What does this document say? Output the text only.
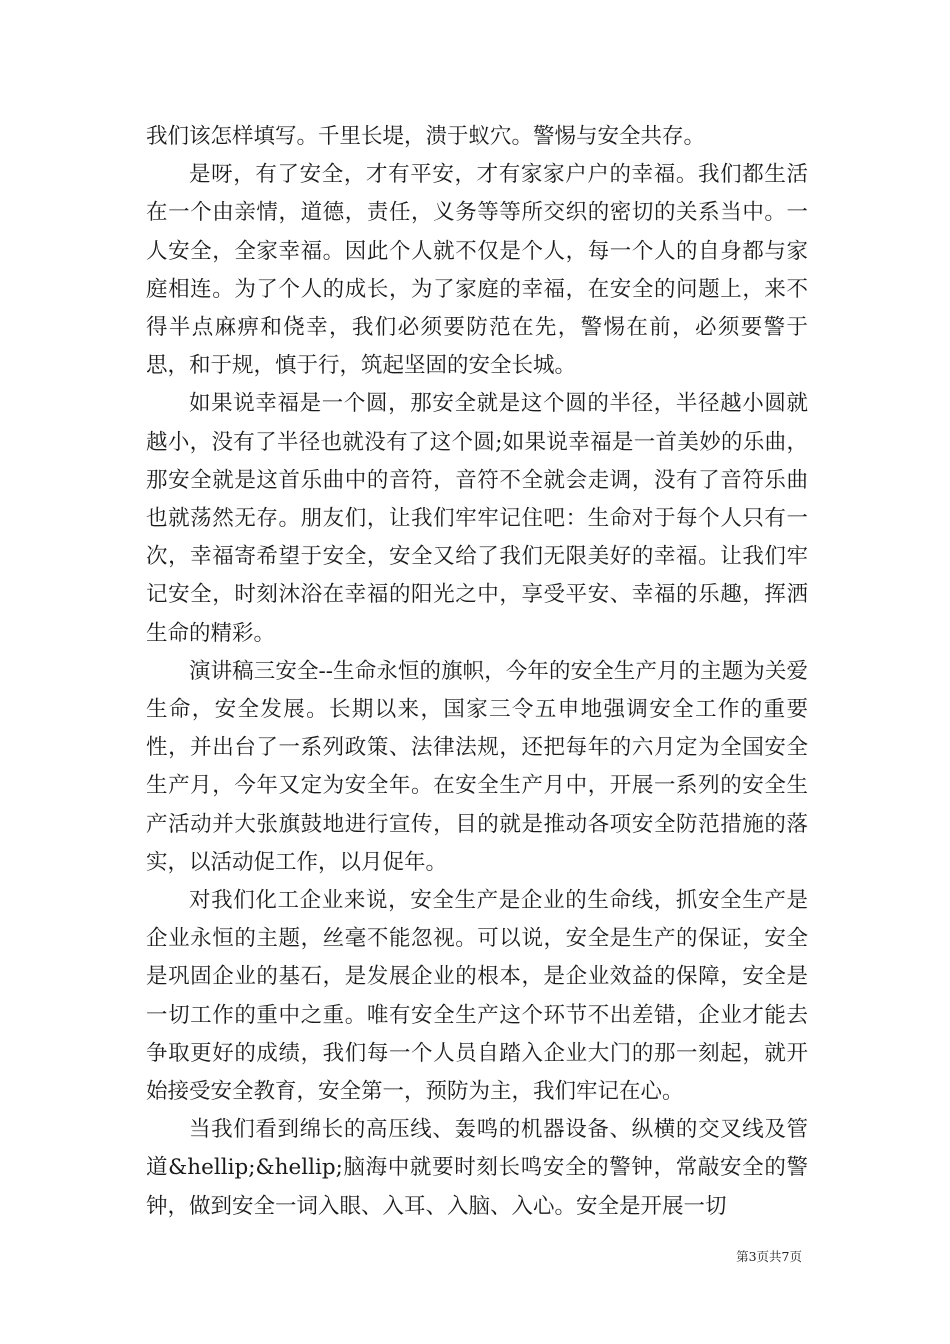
我们该怎样填写。千里长堤，溃于蚁穴。警惕与安全共存。

是呀，有了安全，才有平安，才有家家户户的幸福。我们都生活在一个由亲情，道德，责任，义务等等所交织的密切的关系当中。一人安全，全家幸福。因此个人就不仅是个人，每一个人的自身都与家庭相连。为了个人的成长，为了家庭的幸福，在安全的问题上，来不得半点麻痹和侥幸，我们必须要防范在先，警惕在前，必须要警于思，和于规，慎于行，筑起坚固的安全长城。

如果说幸福是一个圆，那安全就是这个圆的半径，半径越小圆就越小，没有了半径也就没有了这个圆;如果说幸福是一首美妙的乐曲，那安全就是这首乐曲中的音符，音符不全就会走调，没有了音符乐曲也就荡然无存。朋友们，让我们牢牢记住吧：生命对于每个人只有一次，幸福寄希望于安全，安全又给了我们无限美好的幸福。让我们牢记安全，时刻沐浴在幸福的阳光之中，享受平安、幸福的乐趣，挥洒生命的精彩。

演讲稿三安全--生命永恒的旗帜，今年的安全生产月的主题为关爱生命，安全发展。长期以来，国家三令五申地强调安全工作的重要性，并出台了一系列政策、法律法规，还把每年的六月定为全国安全生产月，今年又定为安全年。在安全生产月中，开展一系列的安全生产活动并大张旗鼓地进行宣传，目的就是推动各项安全防范措施的落实，以活动促工作，以月促年。

对我们化工企业来说，安全生产是企业的生命线，抓安全生产是企业永恒的主题，丝毫不能忽视。可以说，安全是生产的保证，安全是巩固企业的基石，是发展企业的根本，是企业效益的保障，安全是一切工作的重中之重。唯有安全生产这个环节不出差错，企业才能去争取更好的成绩，我们每一个人员自踏入企业大门的那一刻起，就开始接受安全教育，安全第一，预防为主，我们牢记在心。

当我们看到绵长的高压线、轰鸣的机器设备、纵横的交叉线及管道&hellip;&hellip;脑海中就要时刻长鸣安全的警钟，常敲安全的警钟，做到安全一词入眼、入耳、入脑、入心。安全是开展一切

第3页共7页
